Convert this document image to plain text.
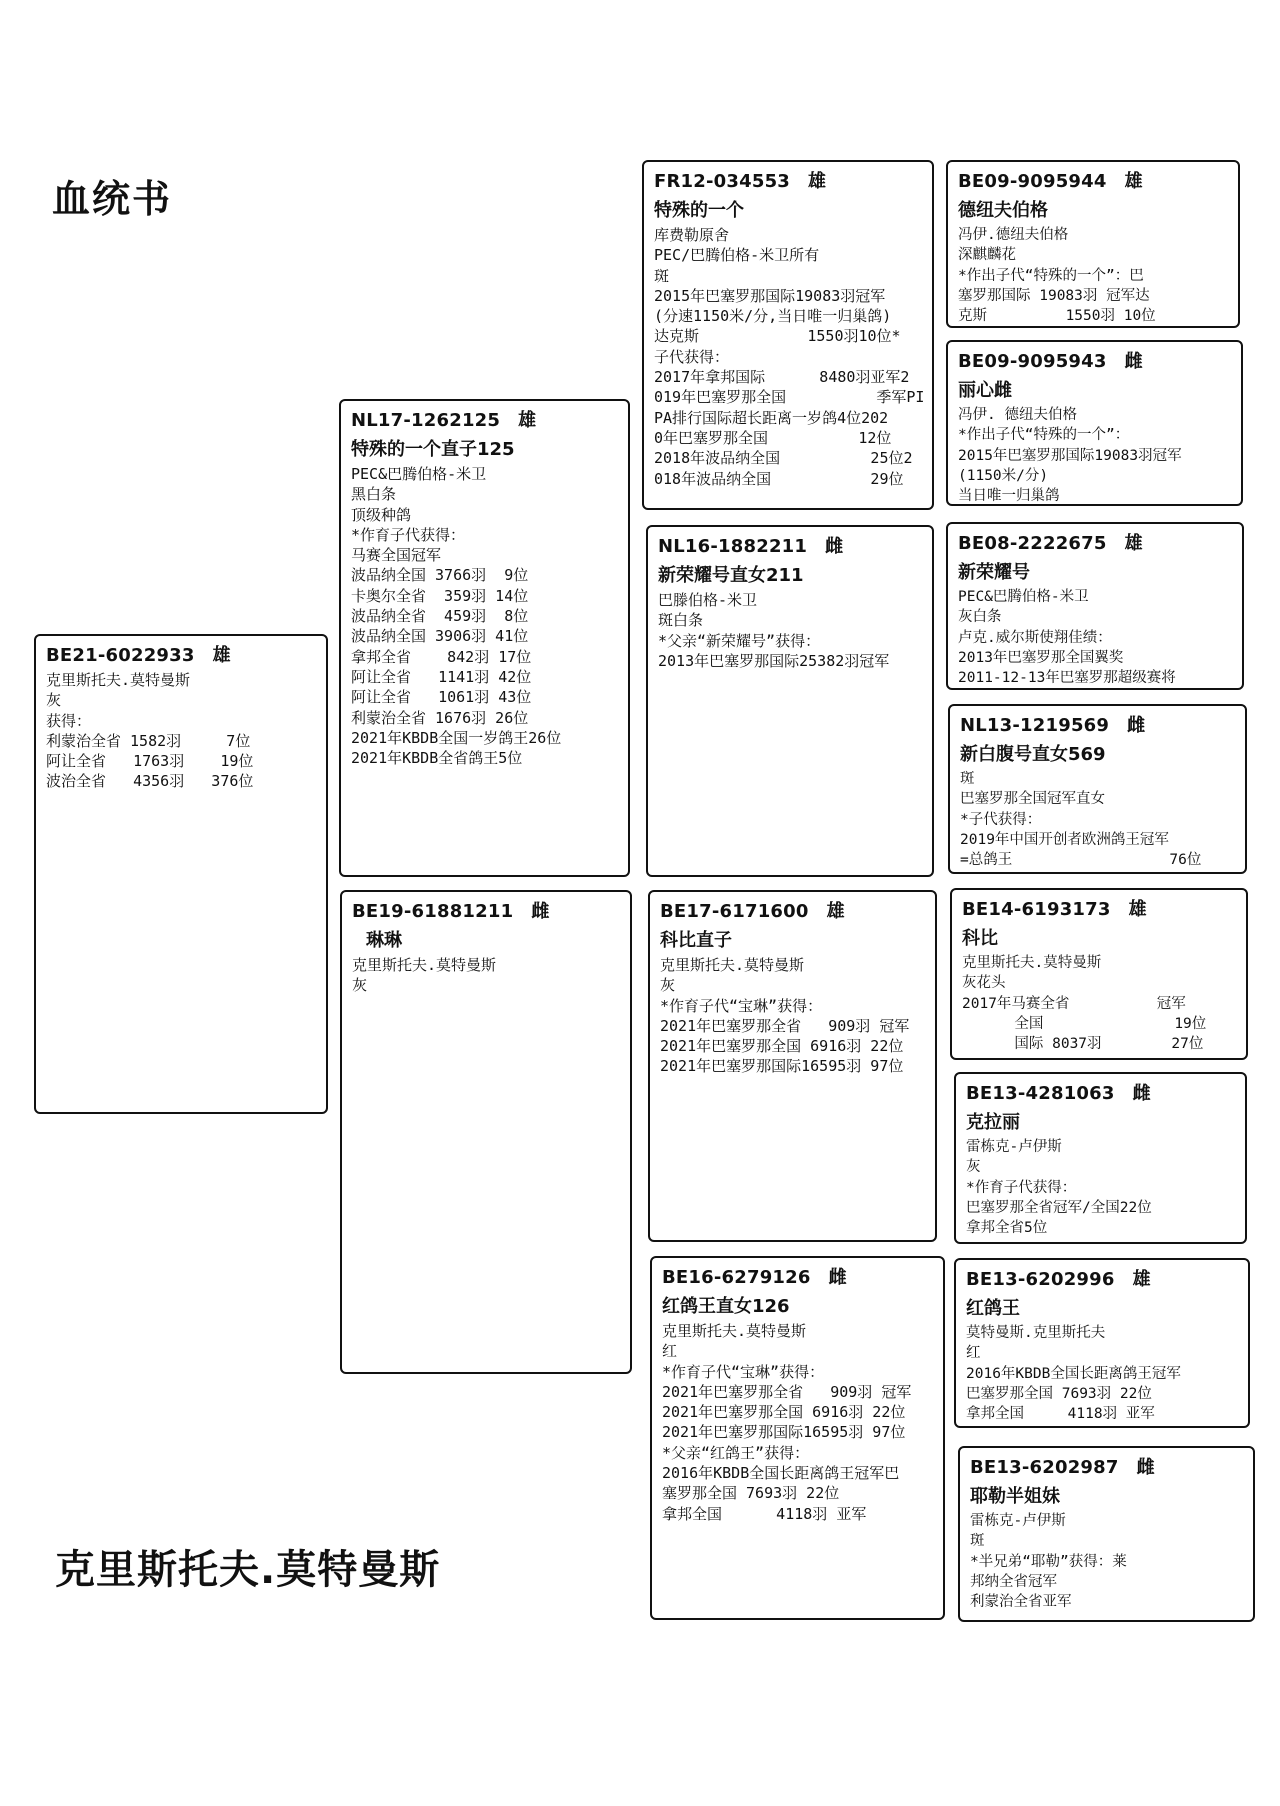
血统书
BE21-6022933 雄
克里斯托夫.莫特曼斯
灰
获得：
利蒙治全省 1582羽     7位
阿让全省   1763羽    19位
波治全省   4356羽   376位
NL17-1262125 雄
特殊的一个直子125
PEC&巴腾伯格-米卫
黑白条
顶级种鸽
*作育子代获得：
马赛全国冠军
波品纳全国 3766羽  9位
卡奥尔全省  359羽 14位
波品纳全省  459羽  8位
波品纳全国 3906羽 41位
拿邦全省    842羽 17位
阿让全省   1141羽 42位
阿让全省   1061羽 43位
利蒙治全省 1676羽 26位
2021年KBDB全国一岁鸽王26位
2021年KBDB全省鸽王5位
BE19-61881211 雌
琳琳
克里斯托夫.莫特曼斯
灰
FR12-034553 雄
特殊的一个
库费勒原舍
PEC/巴腾伯格-米卫所有
斑
2015年巴塞罗那国际19083羽冠军
(分速1150米/分,当日唯一归巢鸽)
达克斯            1550羽10位*
子代获得：
2017年拿邦国际      8480羽亚军2
019年巴塞罗那全国          季军PI
PA排行国际超长距离一岁鸽4位202
0年巴塞罗那全国          12位
2018年波品纳全国          25位2
018年波品纳全国           29位
NL16-1882211 雌
新荣耀号直女211
巴滕伯格-米卫
斑白条
*父亲“新荣耀号”获得：
2013年巴塞罗那国际25382羽冠军
BE17-6171600 雄
科比直子
克里斯托夫.莫特曼斯
灰
*作育子代“宝琳”获得：
2021年巴塞罗那全省   909羽 冠军
2021年巴塞罗那全国 6916羽 22位
2021年巴塞罗那国际16595羽 97位
BE16-6279126 雌
红鸽王直女126
克里斯托夫.莫特曼斯
红
*作育子代“宝琳”获得：
2021年巴塞罗那全省   909羽 冠军
2021年巴塞罗那全国 6916羽 22位
2021年巴塞罗那国际16595羽 97位
*父亲“红鸽王”获得：
2016年KBDB全国长距离鸽王冠军巴
塞罗那全国 7693羽 22位
拿邦全国      4118羽 亚军
BE09-9095944 雄
德纽夫伯格
冯伊.德纽夫伯格
深麒麟花
*作出子代“特殊的一个”：巴
塞罗那国际 19083羽 冠军达
克斯         1550羽 10位
BE09-9095943 雌
丽心雌
冯伊. 德纽夫伯格
*作出子代“特殊的一个”：
2015年巴塞罗那国际19083羽冠军
(1150米/分)
当日唯一归巢鸽
BE08-2222675 雄
新荣耀号
PEC&巴腾伯格-米卫
灰白条
卢克.威尔斯使翔佳绩：
2013年巴塞罗那全国翼奖
2011-12-13年巴塞罗那超级赛将
NL13-1219569 雌
新白腹号直女569
斑
巴塞罗那全国冠军直女
*子代获得：
2019年中国开创者欧洲鸽王冠军
=总鸽王                  76位
BE14-6193173 雄
科比
克里斯托夫.莫特曼斯
灰花头
2017年马赛全省          冠军
全国               19位
国际 8037羽        27位
BE13-4281063 雌
克拉丽
雷栋克-卢伊斯
灰
*作育子代获得：
巴塞罗那全省冠军/全国22位
拿邦全省5位
BE13-6202996 雄
红鸽王
莫特曼斯.克里斯托夫
红
2016年KBDB全国长距离鸽王冠军
巴塞罗那全国 7693羽 22位
拿邦全国     4118羽 亚军
BE13-6202987 雌
耶勒半姐妹
雷栋克-卢伊斯
斑
*半兄弟“耶勒”获得：莱
邦纳全省冠军
利蒙治全省亚军
克里斯托夫.莫特曼斯
